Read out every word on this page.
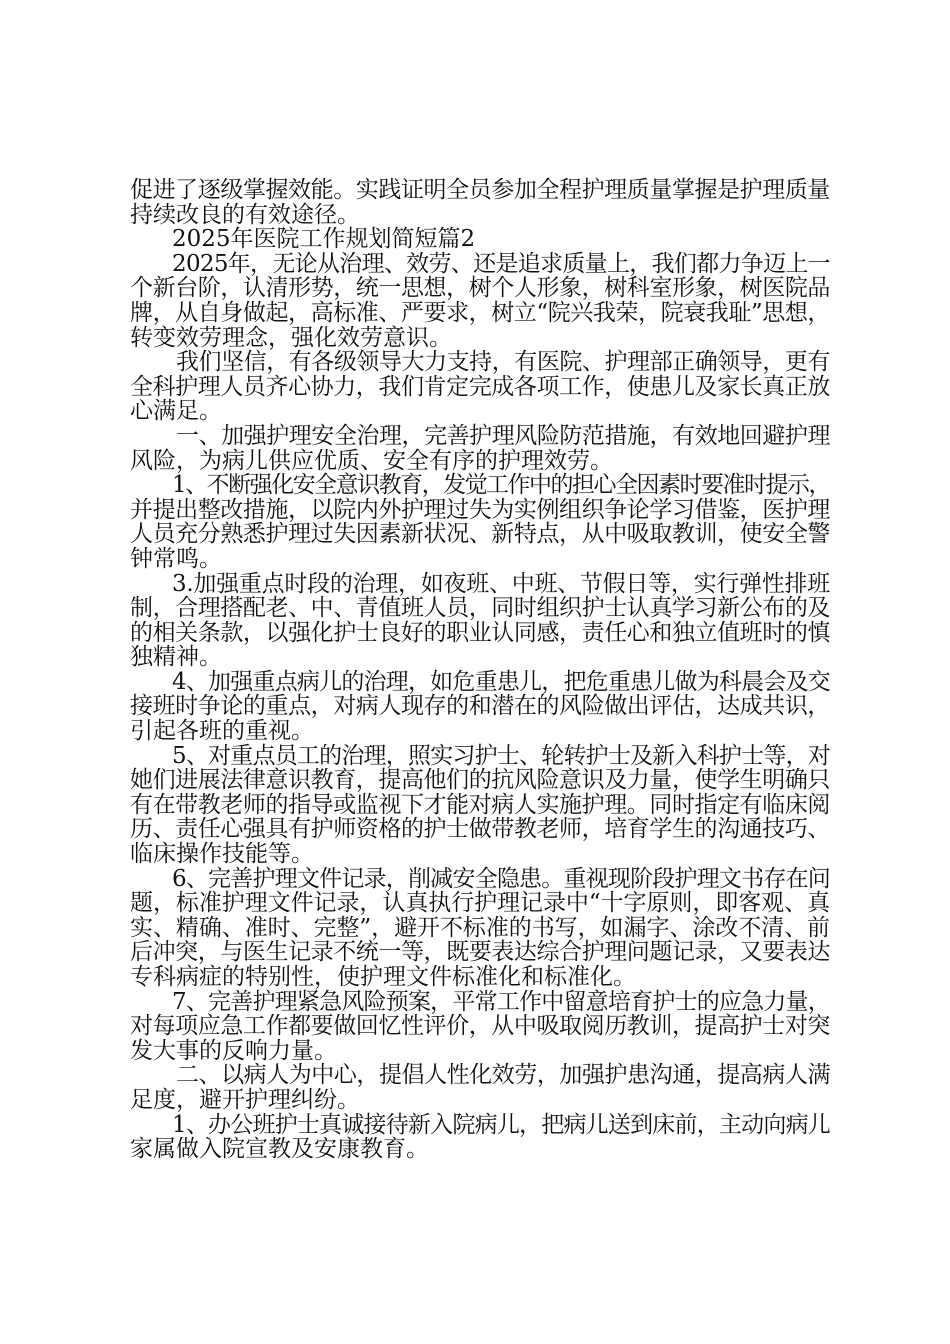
促进了逐级掌握效能。实践证明全员参加全程护理质量掌握是护理质量
持续改良的有效途径。
2025年医院工作规划简短篇2
2025年，无论从治理、效劳、还是追求质量上，我们都力争迈上一
个新台阶，认清形势，统一思想，树个人形象，树科室形象，树医院品
牌，从自身做起，高标准、严要求，树立“院兴我荣，院衰我耻”思想，
转变效劳理念，强化效劳意识。
我们坚信，有各级领导大力支持，有医院、护理部正确领导，更有
全科护理人员齐心协力，我们肯定完成各项工作，使患儿及家长真正放
心满足。
一、加强护理安全治理，完善护理风险防范措施，有效地回避护理
风险，为病儿供应优质、安全有序的护理效劳。
1、不断强化安全意识教育，发觉工作中的担心全因素时要准时提示，
并提出整改措施，以院内外护理过失为实例组织争论学习借鉴，医护理
人员充分熟悉护理过失因素新状况、新特点，从中吸取教训，使安全警
钟常鸣。
3.加强重点时段的治理，如夜班、中班、节假日等，实行弹性排班
制，合理搭配老、中、青值班人员，同时组织护士认真学习新公布的及
的相关条款，以强化护士良好的职业认同感，责任心和独立值班时的慎
独精神。
4、加强重点病儿的治理，如危重患儿，把危重患儿做为科晨会及交
接班时争论的重点，对病人现存的和潜在的风险做出评估，达成共识，
引起各班的重视。
5、对重点员工的治理，照实习护士、轮转护士及新入科护士等，对
她们进展法律意识教育，提高他们的抗风险意识及力量，使学生明确只
有在带教老师的指导或监视下才能对病人实施护理。同时指定有临床阅
历、责任心强具有护师资格的护士做带教老师，培育学生的沟通技巧、
临床操作技能等。
6、完善护理文件记录，削减安全隐患。重视现阶段护理文书存在问
题，标准护理文件记录，认真执行护理记录中“十字原则，即客观、真
实、精确、准时、完整”，避开不标准的书写，如漏字、涂改不清、前
后冲突，与医生记录不统一等，既要表达综合护理问题记录，又要表达
专科病症的特别性，使护理文件标准化和标准化。
7、完善护理紧急风险预案，平常工作中留意培育护士的应急力量，
对每项应急工作都要做回忆性评价，从中吸取阅历教训，提高护士对突
发大事的反响力量。
二、以病人为中心，提倡人性化效劳，加强护患沟通，提高病人满
足度，避开护理纠纷。
1、办公班护士真诚接待新入院病儿，把病儿送到床前，主动向病儿
家属做入院宣教及安康教育。
